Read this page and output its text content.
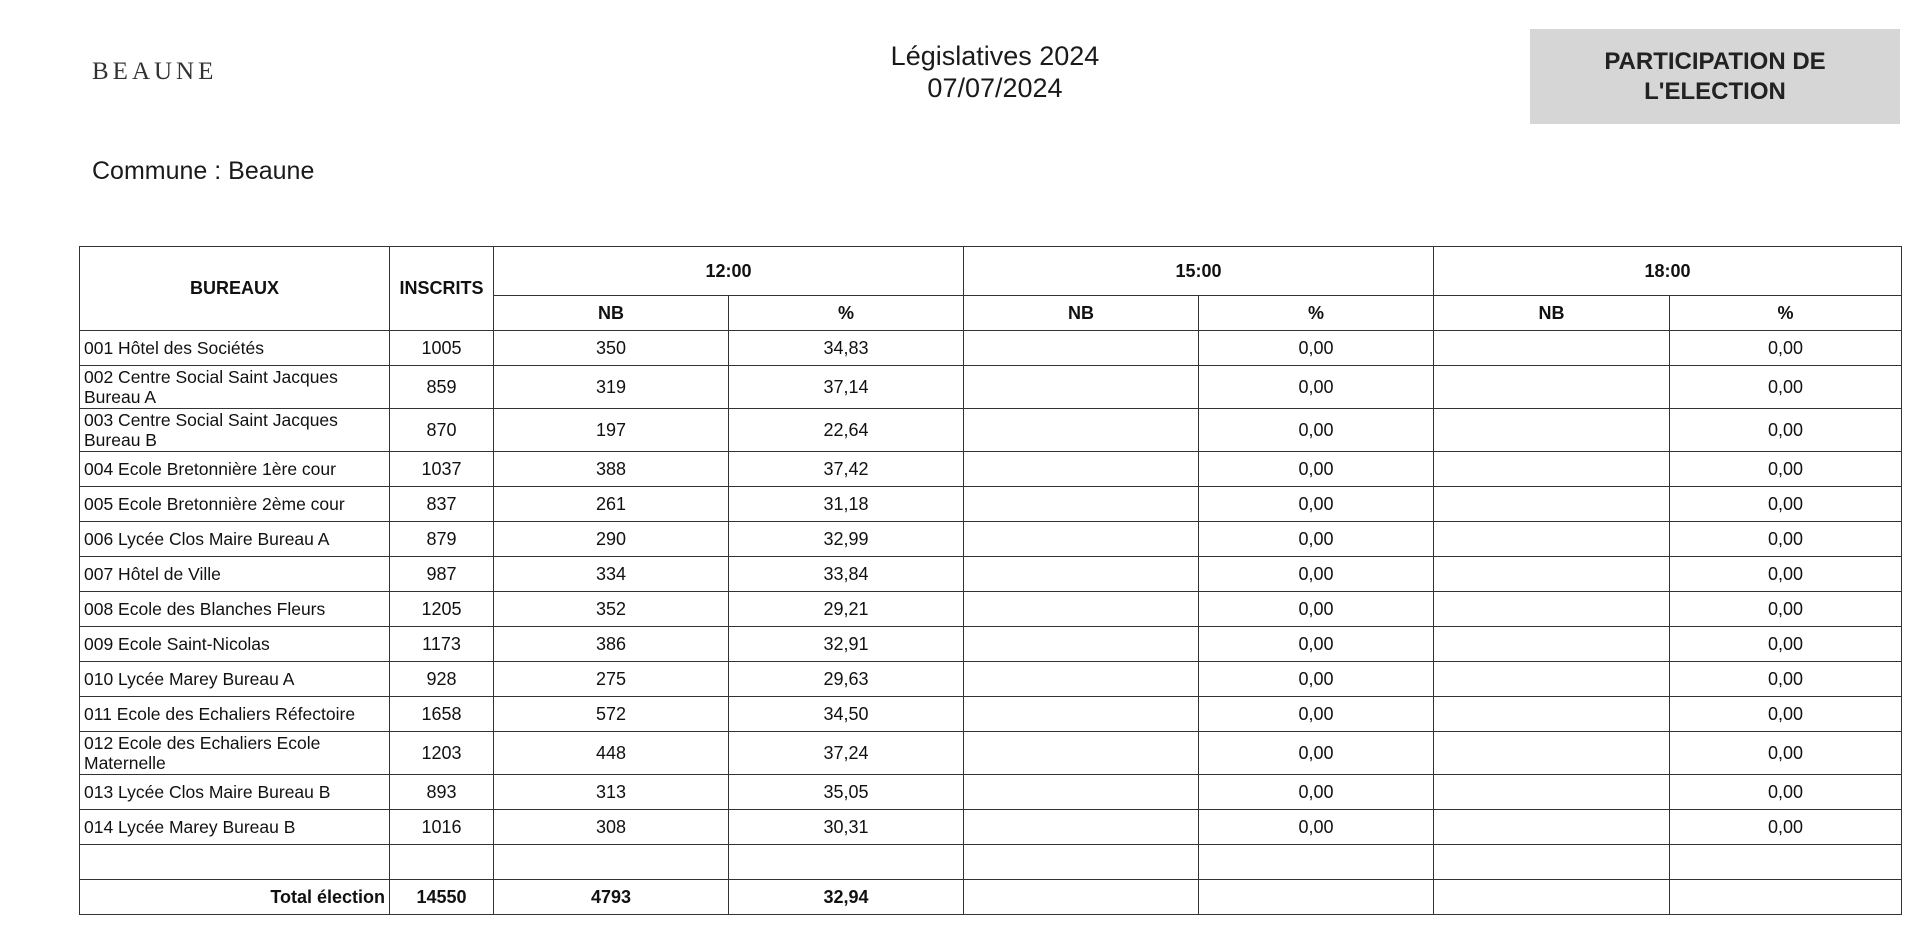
BEAUNE
Législatives 2024
07/07/2024
PARTICIPATION DE
L'ELECTION
Commune : Beaune
BUREAUX	INSCRITS	12:00		15:00		18:00	
		NB	%	NB	%	NB	%
001 Hôtel des Sociétés	1005	350	34,83		0,00		0,00
002 Centre Social Saint Jacques Bureau A	859	319	37,14		0,00		0,00
003 Centre Social Saint Jacques Bureau B	870	197	22,64		0,00		0,00
004 Ecole Bretonnière 1ère cour	1037	388	37,42		0,00		0,00
005 Ecole Bretonnière 2ème cour	837	261	31,18		0,00		0,00
006 Lycée Clos Maire Bureau A	879	290	32,99		0,00		0,00
007 Hôtel de Ville	987	334	33,84		0,00		0,00
008 Ecole des Blanches Fleurs	1205	352	29,21		0,00		0,00
009 Ecole Saint-Nicolas	1173	386	32,91		0,00		0,00
010 Lycée Marey Bureau A	928	275	29,63		0,00		0,00
011 Ecole des Echaliers Réfectoire	1658	572	34,50		0,00		0,00
012 Ecole des Echaliers Ecole Maternelle	1203	448	37,24		0,00		0,00
013 Lycée Clos Maire Bureau B	893	313	35,05		0,00		0,00
014 Lycée Marey Bureau B	1016	308	30,31		0,00		0,00

Total élection	14550	4793	32,94				
